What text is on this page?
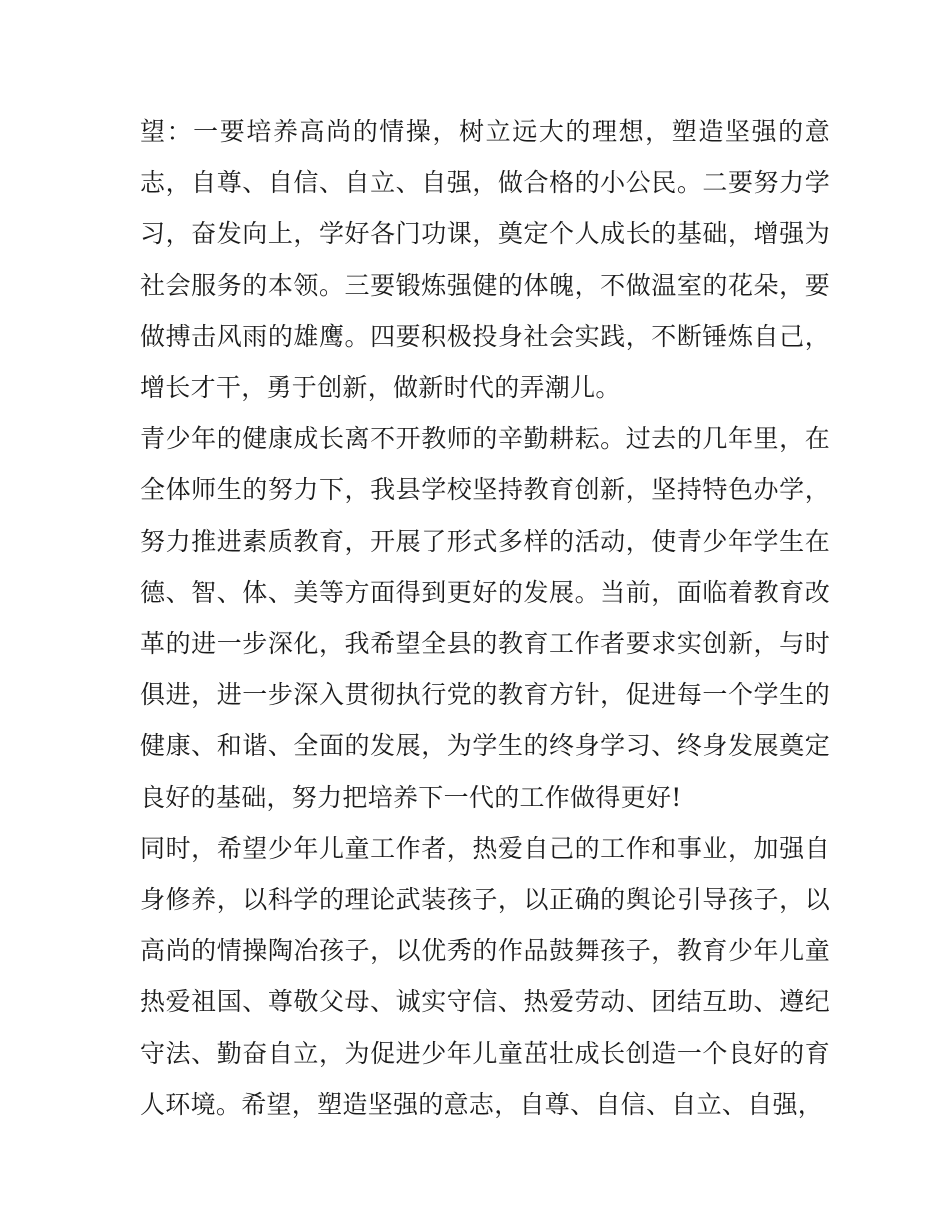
望：一要培养高尚的情操，树立远大的理想，塑造坚强的意志，自尊、自信、自立、自强，做合格的小公民。二要努力学习，奋发向上，学好各门功课，奠定个人成长的基础，增强为社会服务的本领。三要锻炼强健的体魄，不做温室的花朵，要做搏击风雨的雄鹰。四要积极投身社会实践，不断锤炼自己，增长才干，勇于创新，做新时代的弄潮儿。

青少年的健康成长离不开教师的辛勤耕耘。过去的几年里，在全体师生的努力下，我县学校坚持教育创新，坚持特色办学，努力推进素质教育，开展了形式多样的活动，使青少年学生在德、智、体、美等方面得到更好的发展。当前，面临着教育改革的进一步深化，我希望全县的教育工作者要求实创新，与时俱进，进一步深入贯彻执行党的教育方针，促进每一个学生的健康、和谐、全面的发展，为学生的终身学习、终身发展奠定良好的基础，努力把培养下一代的工作做得更好!

同时，希望少年儿童工作者，热爱自己的工作和事业，加强自身修养，以科学的理论武装孩子，以正确的舆论引导孩子，以高尚的情操陶冶孩子，以优秀的作品鼓舞孩子，教育少年儿童热爱祖国、尊敬父母、诚实守信、热爱劳动、团结互助、遵纪守法、勤奋自立，为促进少年儿童茁壮成长创造一个良好的育人环境。希望，塑造坚强的意志，自尊、自信、自立、自强，
